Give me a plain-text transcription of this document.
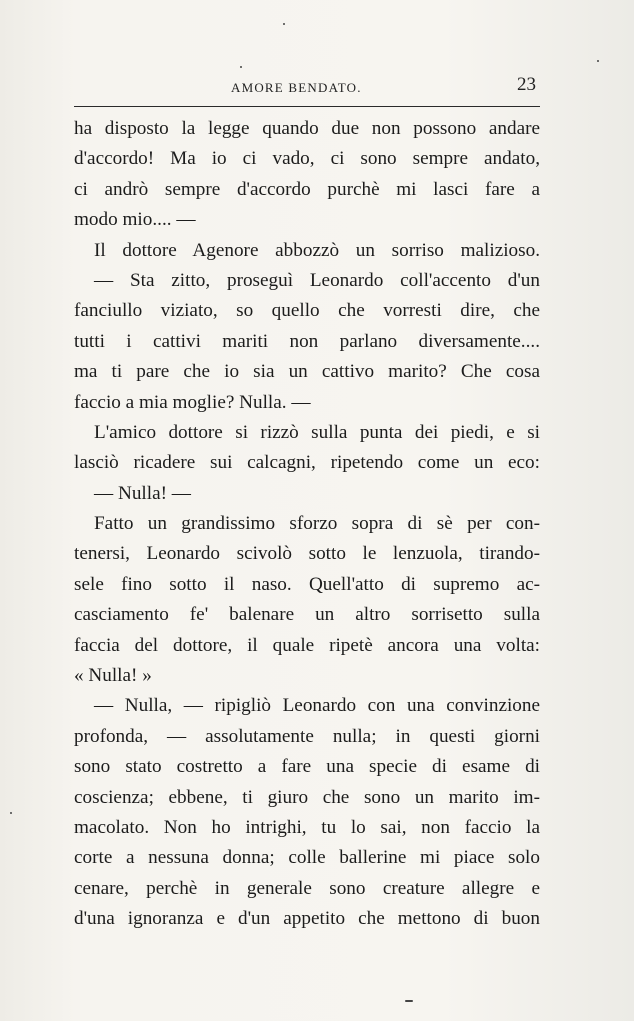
AMORE BENDATO.	23
ha disposto la legge quando due non possono andare
d'accordo! Ma io ci vado, ci sono sempre andato,
ci andrò sempre d'accordo purchè mi lasci fare a
modo mio.... —
Il dottore Agenore abbozzò un sorriso malizioso.
— Sta zitto, proseguì Leonardo coll'accento d'un
fanciullo viziato, so quello che vorresti dire, che
tutti i cattivi mariti non parlano diversamente....
ma ti pare che io sia un cattivo marito? Che cosa
faccio a mia moglie? Nulla. —
L'amico dottore si rizzò sulla punta dei piedi, e si
lasciò ricadere sui calcagni, ripetendo come un eco:
— Nulla! —
Fatto un grandissimo sforzo sopra di sè per con-
tenersi, Leonardo scivolò sotto le lenzuola, tirando-
sele fino sotto il naso. Quell'atto di supremo ac-
casciamento fe' balenare un altro sorrisetto sulla
faccia del dottore, il quale ripetè ancora una volta:
« Nulla! »
— Nulla, — ripigliò Leonardo con una convinzione
profonda, — assolutamente nulla; in questi giorni
sono stato costretto a fare una specie di esame di
coscienza; ebbene, ti giuro che sono un marito im-
macolato. Non ho intrighi, tu lo sai, non faccio la
corte a nessuna donna; colle ballerine mi piace solo
cenare, perchè in generale sono creature allegre e
d'una ignoranza e d'un appetito che mettono di buon
